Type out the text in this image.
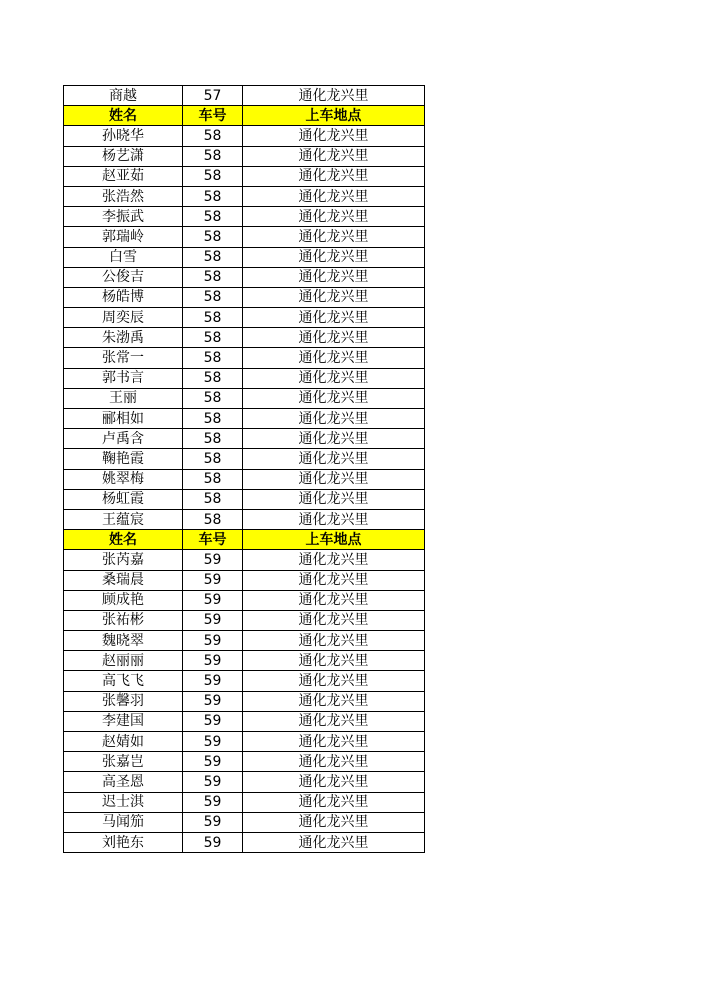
商越	57	通化龙兴里
姓名	车号	上车地点
孙晓华	58	通化龙兴里
杨艺潇	58	通化龙兴里
赵亚茹	58	通化龙兴里
张浩然	58	通化龙兴里
李振武	58	通化龙兴里
郭瑞岭	58	通化龙兴里
白雪	58	通化龙兴里
公俊吉	58	通化龙兴里
杨皓博	58	通化龙兴里
周奕辰	58	通化龙兴里
朱渤禹	58	通化龙兴里
张常一	58	通化龙兴里
郭书言	58	通化龙兴里
王丽	58	通化龙兴里
郦相如	58	通化龙兴里
卢禹含	58	通化龙兴里
鞠艳霞	58	通化龙兴里
姚翠梅	58	通化龙兴里
杨虹霞	58	通化龙兴里
王蕴宸	58	通化龙兴里
姓名	车号	上车地点
张芮嘉	59	通化龙兴里
桑瑞晨	59	通化龙兴里
顾成艳	59	通化龙兴里
张祐彬	59	通化龙兴里
魏晓翠	59	通化龙兴里
赵丽丽	59	通化龙兴里
高飞飞	59	通化龙兴里
张馨羽	59	通化龙兴里
李建国	59	通化龙兴里
赵婧如	59	通化龙兴里
张嘉岂	59	通化龙兴里
高圣恩	59	通化龙兴里
迟士淇	59	通化龙兴里
马闻笳	59	通化龙兴里
刘艳东	59	通化龙兴里
